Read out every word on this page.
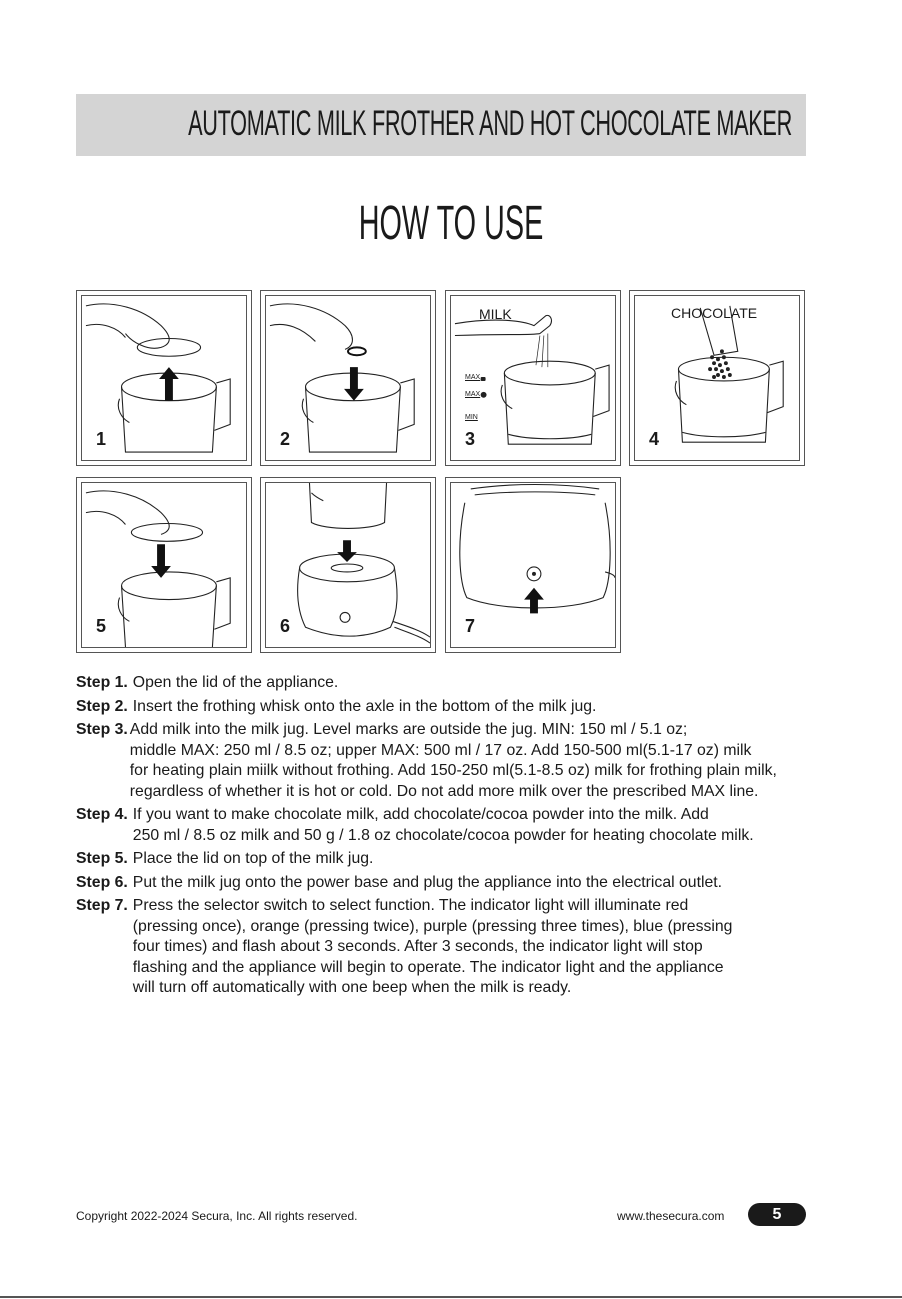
AUTOMATIC MILK FROTHER AND HOT CHOCOLATE MAKER
HOW TO USE
1	2
MILK
MAX
MAX
MIN
3
CHOCOLATE
4
5	6	7
Step 1. Open the lid of the appliance.
Step 2. Insert the frothing whisk onto the axle in the bottom of the milk jug.
Step 3. Add milk into the milk jug. Level marks are outside the jug. MIN: 150 ml / 5.1 oz;
middle MAX: 250 ml / 8.5 oz; upper MAX: 500 ml / 17 oz. Add 150-500 ml(5.1-17 oz) milk
for heating plain miilk without frothing. Add 150-250 ml(5.1-8.5 oz) milk for frothing plain milk,
regardless of whether it is hot or cold. Do not add more milk over the prescribed MAX line.
Step 4. If you want to make chocolate milk, add chocolate/cocoa powder into the milk. Add
250 ml / 8.5 oz milk and 50 g / 1.8 oz chocolate/cocoa powder for heating chocolate milk.
Step 5. Place the lid on top of the milk jug.
Step 6. Put the milk jug onto the power base and plug the appliance into the electrical outlet.
Step 7. Press the selector switch to select function. The indicator light will illuminate red
(pressing once), orange (pressing twice), purple (pressing three times), blue (pressing
four times) and flash about 3 seconds. After 3 seconds, the indicator light will stop
flashing and the appliance will begin to operate. The indicator light and the appliance
will turn off automatically with one beep when the milk is ready.
Copyright 2022-2024 Secura, Inc. All rights reserved.	www.thesecura.com	5
